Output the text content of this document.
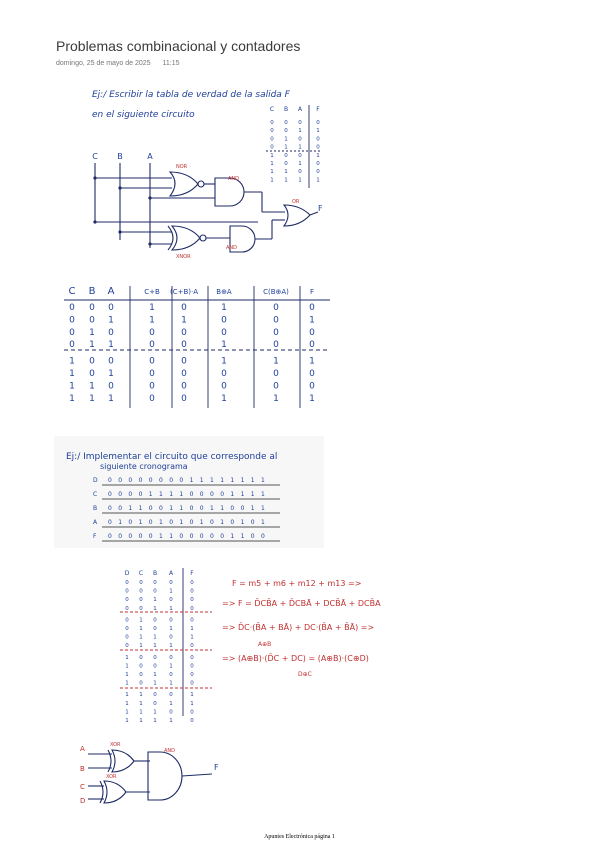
Problemas combinacional y contadores
domingo, 25 de mayo de 2025 11:15
Ej:/ Escribir la tabla de verdad de la salida F en el siguiente circuito
C B	A
NOR
AND
XNOR
AND
OR
F
C B A F
0 0 0	0
0 0 1	1
0 1 0	0
0 1 1	0
1 0 0	1
1 0 1	0
1 1 0	0
1 1 1	1
C B A	C+B (C+B)·A	B⊕A	C(B⊕A)	F
0 0 0	1	0	1	0	0
0 0 1	1	1	0	0	1
0 1 0	0	0	0	0	0
0 1 1	0	0	1	0	0
1 0 0	0	0	1	1	1
1 0 1	0	0	0	0	0
1 1 0	0	0	0	0	0
1 1 1	0	0	1	1	1
Ej:/ Implementar el circuito que corresponde al
siguiente cronograma
D 0 0 0 0 0 0 0 0 1 1 1 1 1 1 1 1
C 0 0 0 0 1 1 1 1 0 0 0 0 1 1 1 1
B 0 0 1 1 0 0 1 1 0 0 1 1 0 0 1 1
A 0 1 0 1 0 1 0 1 0 1 0 1 0 1 0 1
F 0 0 0 0 0 1 1 0 0 0 0 0 1 1 0 0
D C B A	F
0 0 0 0	0
0 0 0 1	0
0 0 1 0	0
0 0 1 1	0
0 1 0 0	0
0 1 0 1	1
0 1 1 0	1
0 1 1 1	0
1 0 0 0	0
1 0 0 1	0
1 0 1 0	0
1 0 1 1	0
1 1 0 0	1
1 1 0 1	1
1 1 1 0	0
1 1 1 1	0
F = m5 + m6 + m12 + m13 =>
=> F = D̄CB̄A + D̄CBĀ + DCB̄Ā + DCB̄A
=> D̄C·(B̄A + BĀ) + DC·(B̄A + B̄Ā) =>
A⊕B
=> (A⊕B)·(D̄C + DC) = (A⊕B)·(C⊕D)
D⊕C
A
B
C
D
XOR
XOR
AND
F
Apuntes Electrónica página 1
